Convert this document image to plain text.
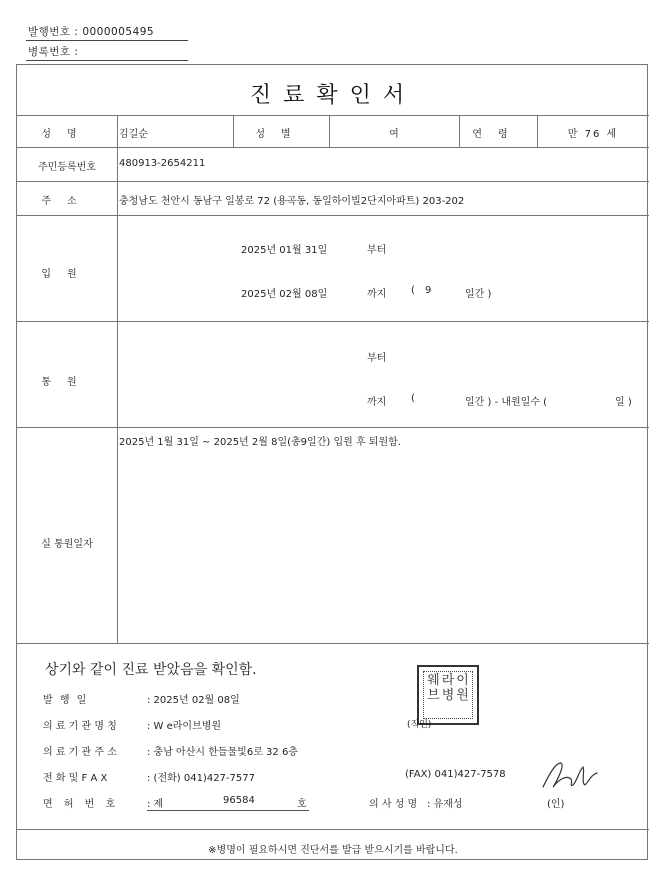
발행번호 : 0000005495
병록번호 :
진료확인서
성명	김길순	성별	여	연령	만 76 세
주민등록번호	480913-2654211
주소	충청남도 천안시 동남구 일봉로 72 (용곡동, 동일하이빌2단지아파트) 203-202
입원
2025년 01월 31일	부터
2025년 02월 08일	까지 ( 9	일간 )
통원
부터
까지 (	일간 ) - 내원일수 (	일 )
실 통원일자
2025년 1월 31일 ~ 2025년 2월 8일(총9일간) 입원 후 퇴원함.
상기와 같이 진료 받았음을 확인함.
발 행 일	: 2025년 02월 08일
의 료 기 관 명 칭	: W e라이브병원
의 료 기 관 주 소	: 충남 아산시 한들물빛6로 32 6층
전 화 및 F A X	: (전화) 041)427-7577	(FAX) 041)427-7578
면 허 번 호	: 제	96584	호	의 사 성 명 : 유재성	(인)
웨라이브병원
(직인)
※병명이 필요하시면 진단서를 발급 받으시기를 바랍니다.
